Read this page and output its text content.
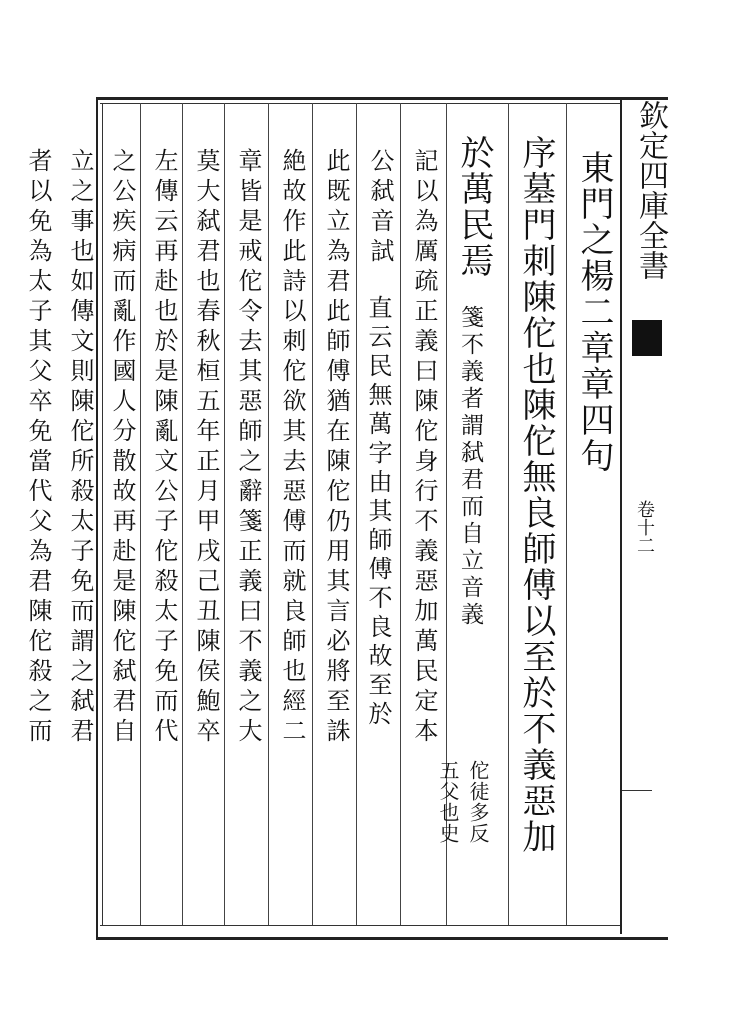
欽定四庫全書
卷十二
東門之楊二章章四句
序墓門刺陳佗也陳佗無良師傅以至於不義惡加
於萬民焉
箋不義者謂弑君而自立音義
佗徒多反
五父也史
記以為厲疏正義曰陳佗身行不義惡加萬民定本
公弑音試
直云民無萬字由其師傅不良故至於
此既立為君此師傅猶在陳佗仍用其言必將至誅
絶故作此詩以刺佗欲其去惡傅而就良師也經二
章皆是戒佗令去其惡師之辭箋正義曰不義之大
莫大弑君也春秋桓五年正月甲戌己丑陳侯鮑卒
左傳云再赴也於是陳亂文公子佗殺太子免而代
之公疾病而亂作國人分散故再赴是陳佗弑君自
立之事也如傳文則陳佗所殺太子免而謂之弑君
者以免為太子其父卒免當代父為君陳佗殺之而
